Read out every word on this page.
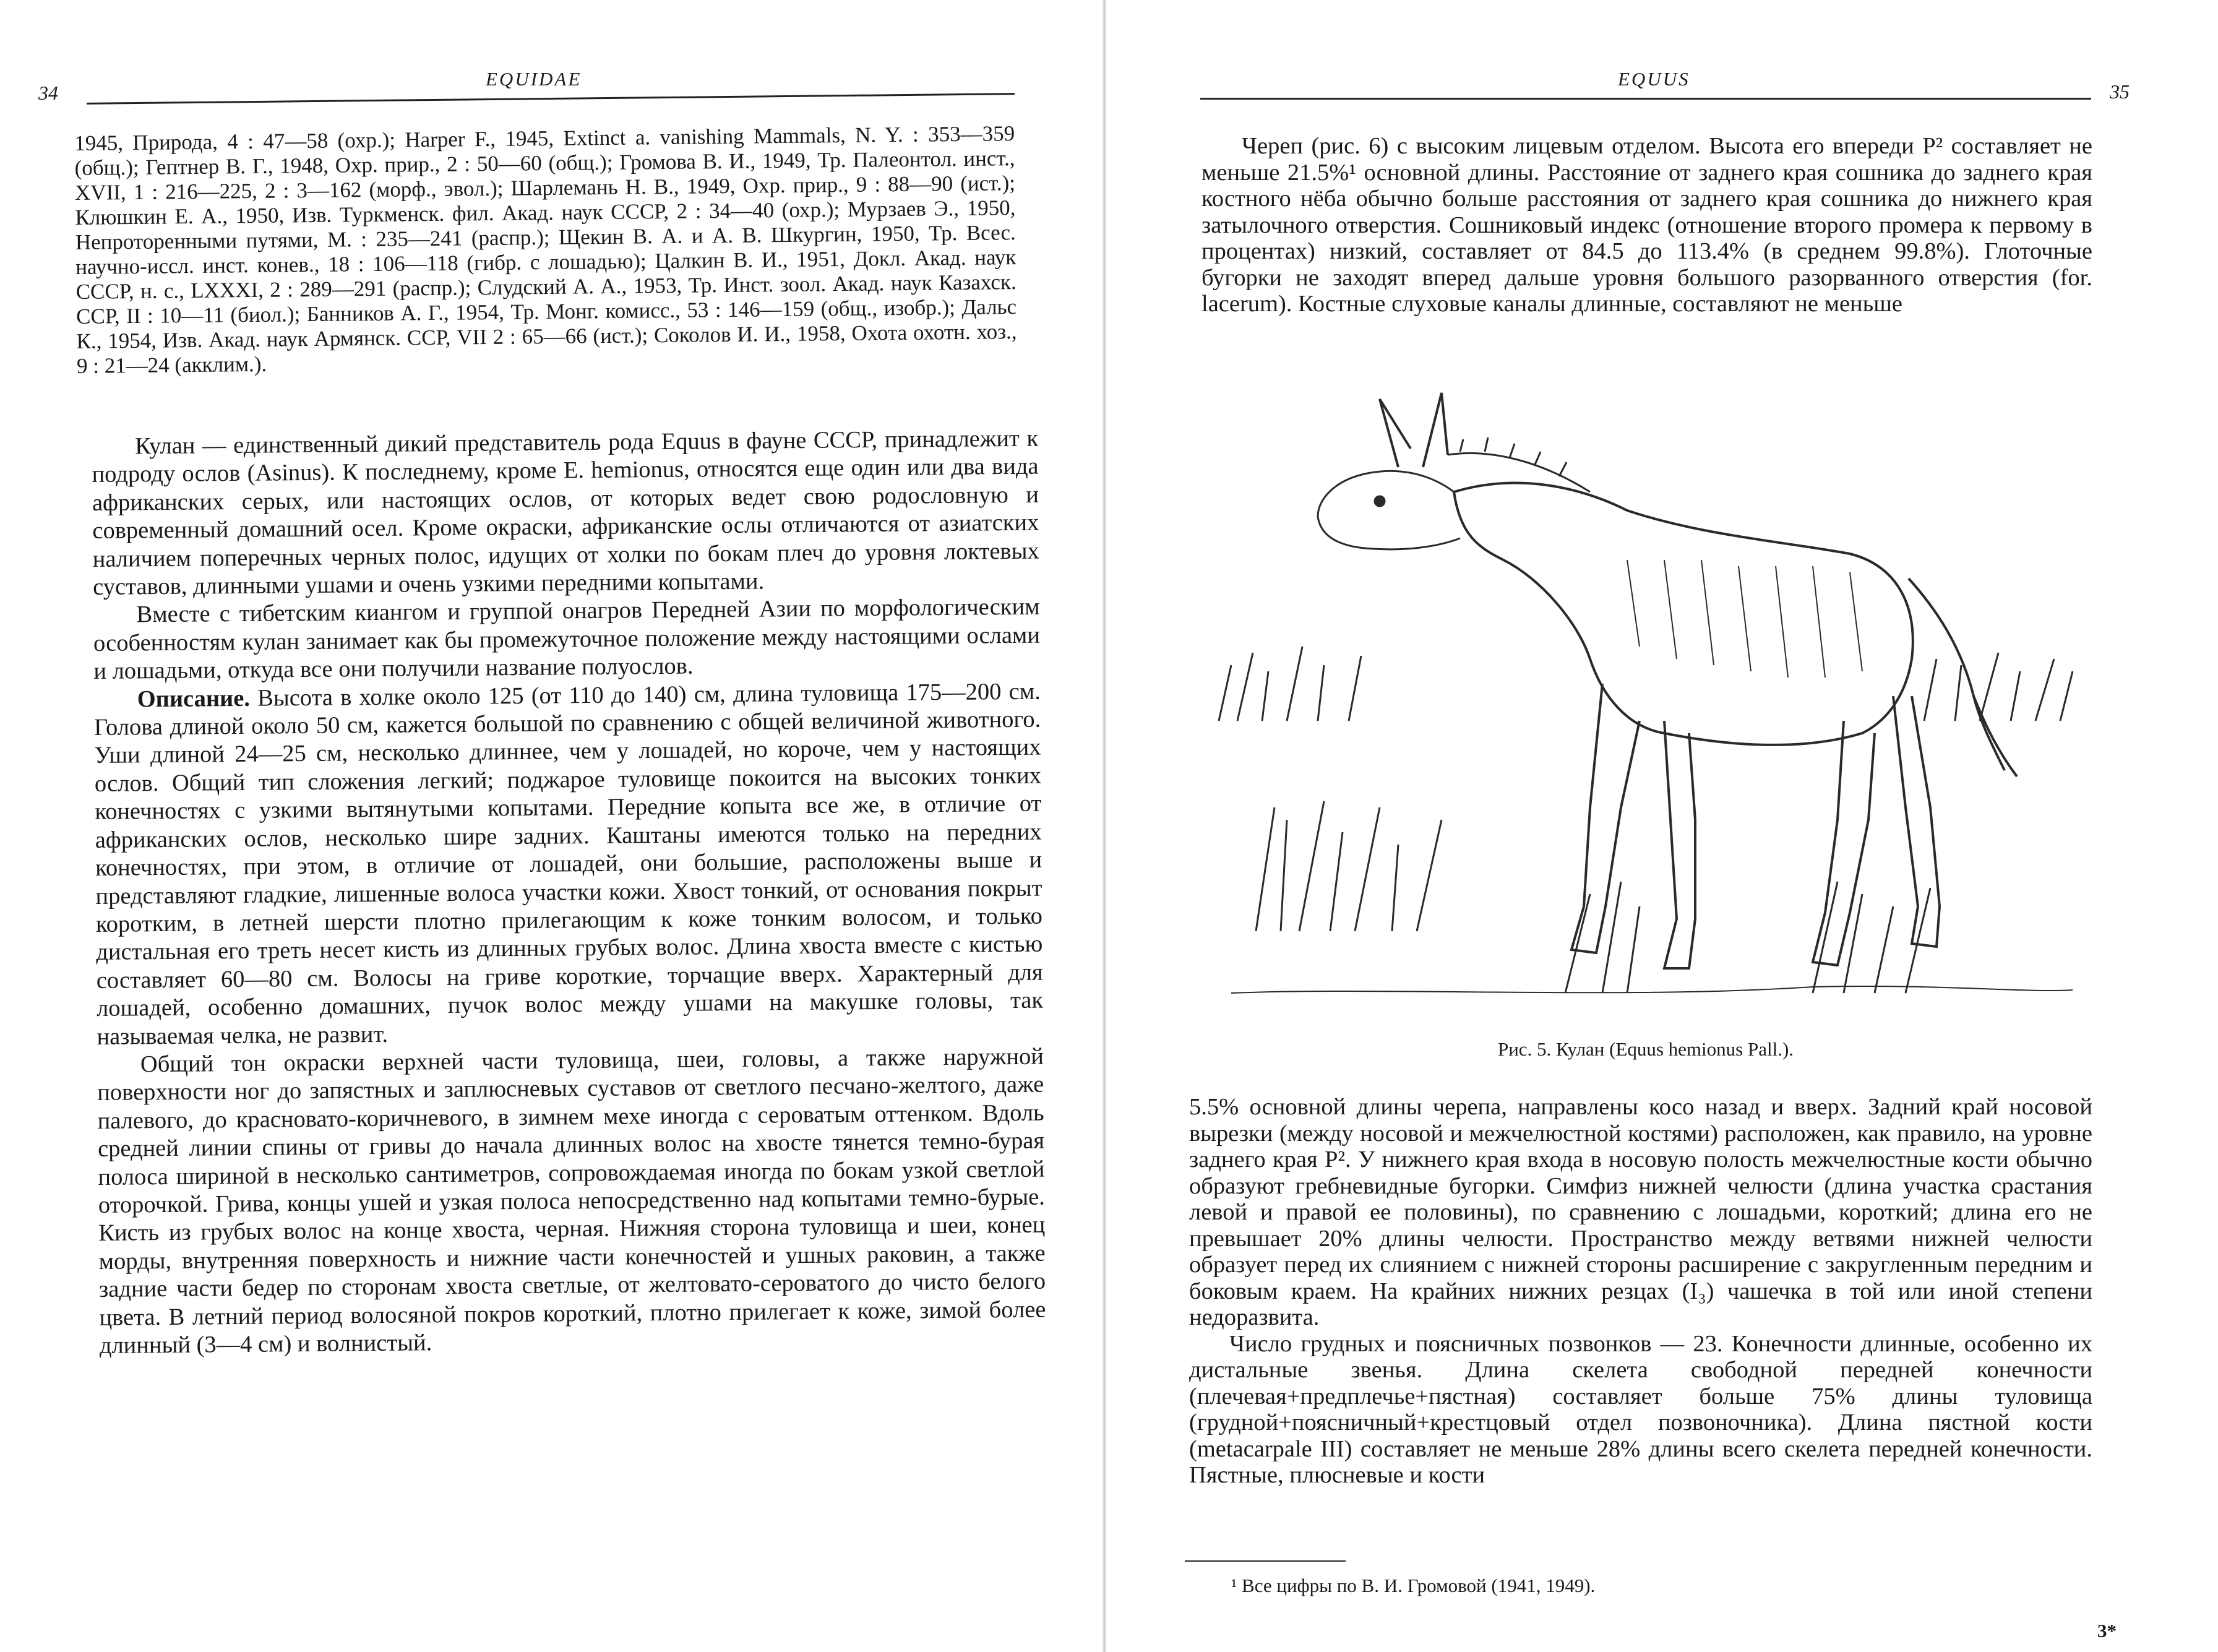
34
EQUIDAE
1945, Природа, 4 : 47—58 (охр.); Harper F., 1945, Extinct a. vanishing Mammals, N. Y. : 353—359 (общ.); Гептнер В. Г., 1948, Охр. прир., 2 : 50—60 (общ.); Громова В. И., 1949, Тр. Палеонтол. инст., XVII, 1 : 216—225, 2 : 3—162 (морф., эвол.); Шарлемань Н. В., 1949, Охр. прир., 9 : 88—90 (ист.); Клюшкин Е. А., 1950, Изв. Туркменск. фил. Акад. наук СССР, 2 : 34—40 (охр.); Мурзаев Э., 1950, Непроторенными путями, М. : 235—241 (распр.); Щекин В. А. и А. В. Шкургин, 1950, Тр. Всес. научно-иссл. инст. конев., 18 : 106—118 (гибр. с лошадью); Цалкин В. И., 1951, Докл. Акад. наук СССР, н. с., LXXXI, 2 : 289—291 (распр.); Слудский А. А., 1953, Тр. Инст. зоол. Акад. наук Казахск. ССР, II : 10—11 (биол.); Банников А. Г., 1954, Тр. Монг. комисс., 53 : 146—159 (общ., изобр.); Дальс К., 1954, Изв. Акад. наук Армянск. ССР, VII 2 : 65—66 (ист.); Соколов И. И., 1958, Охота охотн. хоз., 9 : 21—24 (акклим.).

Кулан — единственный дикий представитель рода Equus в фауне СССР, принадлежит к подроду ослов (Asinus). К последнему, кроме E. hemionus, относятся еще один или два вида африканских серых, или настоящих ослов, от которых ведет свою родословную и современный домашний осел. Кроме окраски, африканские ослы отличаются от азиатских наличием поперечных черных полос, идущих от холки по бокам плеч до уровня локтевых суставов, длинными ушами и очень узкими передними копытами.

Вместе с тибетским киангом и группой онагров Передней Азии по морфологическим особенностям кулан занимает как бы промежуточное положение между настоящими ослами и лошадьми, откуда все они получили название полуослов.

Описание. Высота в холке около 125 (от 110 до 140) см, длина туловища 175—200 см. Голова длиной около 50 см, кажется большой по сравнению с общей величиной животного. Уши длиной 24—25 см, несколько длиннее, чем у лошадей, но короче, чем у настоящих ослов. Общий тип сложения легкий; поджарое туловище покоится на высоких тонких конечностях с узкими вытянутыми копытами. Передние копыта все же, в отличие от африканских ослов, несколько шире задних. Каштаны имеются только на передних конечностях, при этом, в отличие от лошадей, они большие, расположены выше и представляют гладкие, лишенные волоса участки кожи. Хвост тонкий, от основания покрыт коротким, в летней шерсти плотно прилегающим к коже тонким волосом, и только дистальная его треть несет кисть из длинных грубых волос. Длина хвоста вместе с кистью составляет 60—80 см. Волосы на гриве короткие, торчащие вверх. Характерный для лошадей, особенно домашних, пучок волос между ушами на макушке головы, так называемая челка, не развит.

Общий тон окраски верхней части туловища, шеи, головы, а также наружной поверхности ног до запястных и заплюсневых суставов от светлого песчано-желтого, даже палевого, до красновато-коричневого, в зимнем мехе иногда с сероватым оттенком. Вдоль средней линии спины от гривы до начала длинных волос на хвосте тянется темно-бурая полоса шириной в несколько сантиметров, сопровождаемая иногда по бокам узкой светлой оторочкой. Грива, концы ушей и узкая полоса непосредственно над копытами темно-бурые. Кисть из грубых волос на конце хвоста, черная. Нижняя сторона туловища и шеи, конец морды, внутренняя поверхность и нижние части конечностей и ушных раковин, а также задние части бедер по сторонам хвоста светлые, от желтовато-сероватого до чисто белого цвета. В летний период волосяной покров короткий, плотно прилегает к коже, зимой более длинный (3—4 см) и волнистый.

EQUUS
35

Череп (рис. 6) с высоким лицевым отделом. Высота его впереди P² составляет не меньше 21.5%¹ основной длины. Расстояние от заднего края сошника до заднего края костного нёба обычно больше расстояния от заднего края сошника до нижнего края затылочного отверстия. Сошниковый индекс (отношение второго промера к первому в процентах) низкий, составляет от 84.5 до 113.4% (в среднем 99.8%). Глоточные бугорки не заходят вперед дальше уровня большого разорванного отверстия (for. lacerum). Костные слуховые каналы длинные, составляют не меньше

Рис. 5. Кулан (Equus hemionus Pall.).

5.5% основной длины черепа, направлены косо назад и вверх. Задний край носовой вырезки (между носовой и межчелюстной костями) расположен, как правило, на уровне заднего края P². У нижнего края входа в носовую полость межчелюстные кости обычно образуют гребневидные бугорки. Симфиз нижней челюсти (длина участка срастания левой и правой ее половины), по сравнению с лошадьми, короткий; длина его не превышает 20% длины челюсти. Пространство между ветвями нижней челюсти образует перед их слиянием с нижней стороны расширение с закругленным передним и боковым краем. На крайних нижних резцах (I₃) чашечка в той или иной степени недоразвита.

Число грудных и поясничных позвонков — 23. Конечности длинные, особенно их дистальные звенья. Длина скелета свободной передней конечности (плечевая+предплечье+пястная) составляет больше 75% длины туловища (грудной+поясничный+крестцовый отдел позвоночника). Длина пястной кости (metacarpale III) составляет не меньше 28% длины всего скелета передней конечности. Пястные, плюсневые и кости

¹ Все цифры по В. И. Громовой (1941, 1949).
3*
